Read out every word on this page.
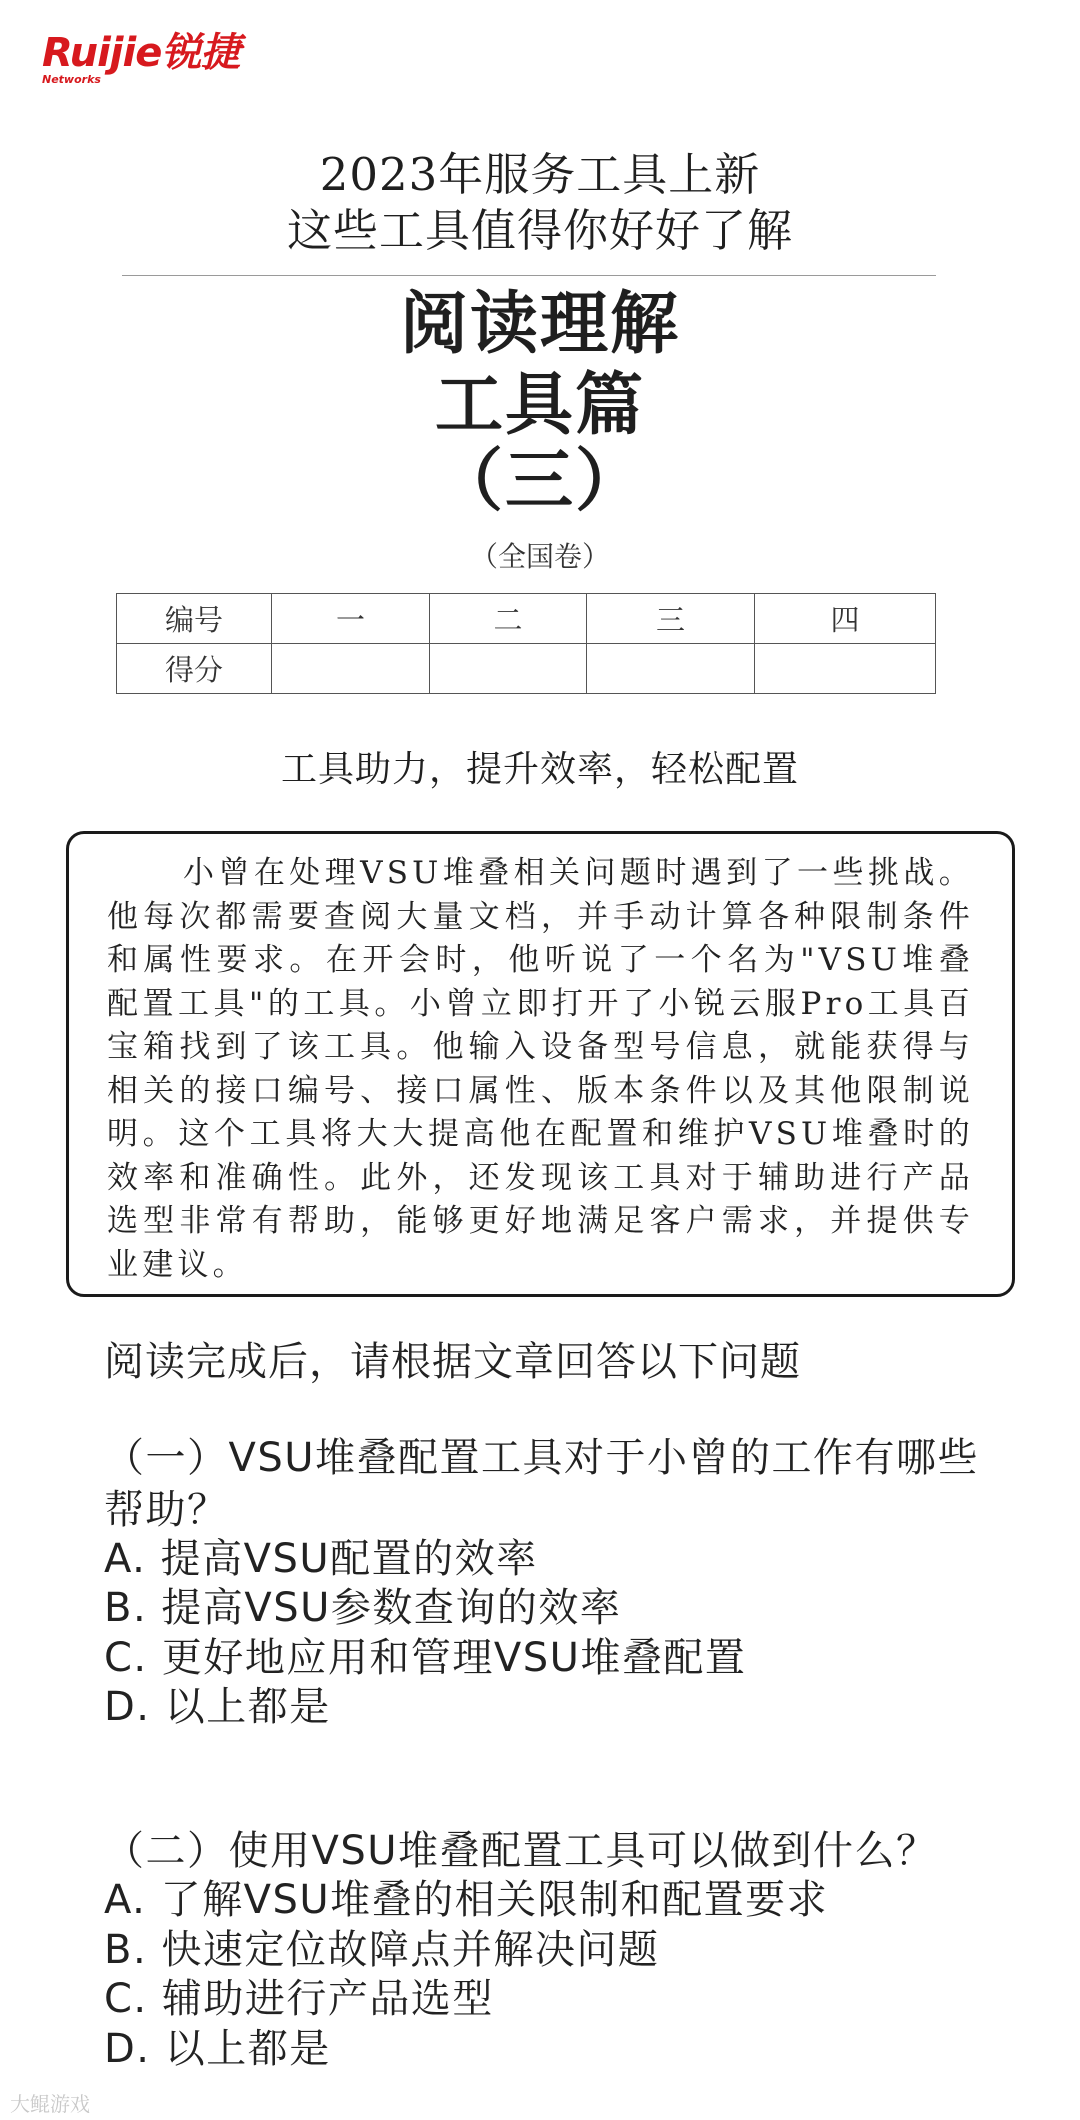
Ruijie锐捷
Networks
2023年服务工具上新
这些工具值得你好好了解
阅读理解
工具篇
（三）
（全国卷）
编号	一	二	三	四
得分				
工具助力，提升效率，轻松配置
小曾在处理VSU堆叠相关问题时遇到了一些挑战。他每次都需要查阅大量文档，并手动计算各种限制条件和属性要求。在开会时，他听说了一个名为"VSU堆叠配置工具"的工具。小曾立即打开了小锐云服Pro工具百宝箱找到了该工具。他输入设备型号信息，就能获得与相关的接口编号、接口属性、版本条件以及其他限制说明。这个工具将大大提高他在配置和维护VSU堆叠时的效率和准确性。此外，还发现该工具对于辅助进行产品选型非常有帮助，能够更好地满足客户需求，并提供专业建议。
阅读完成后，请根据文章回答以下问题
（一）VSU堆叠配置工具对于小曾的工作有哪些帮助？
A. 提高VSU配置的效率
B. 提高VSU参数查询的效率
C. 更好地应用和管理VSU堆叠配置
D. 以上都是
（二）使用VSU堆叠配置工具可以做到什么？
A. 了解VSU堆叠的相关限制和配置要求
B. 快速定位故障点并解决问题
C. 辅助进行产品选型
D. 以上都是
大鲲游戏
